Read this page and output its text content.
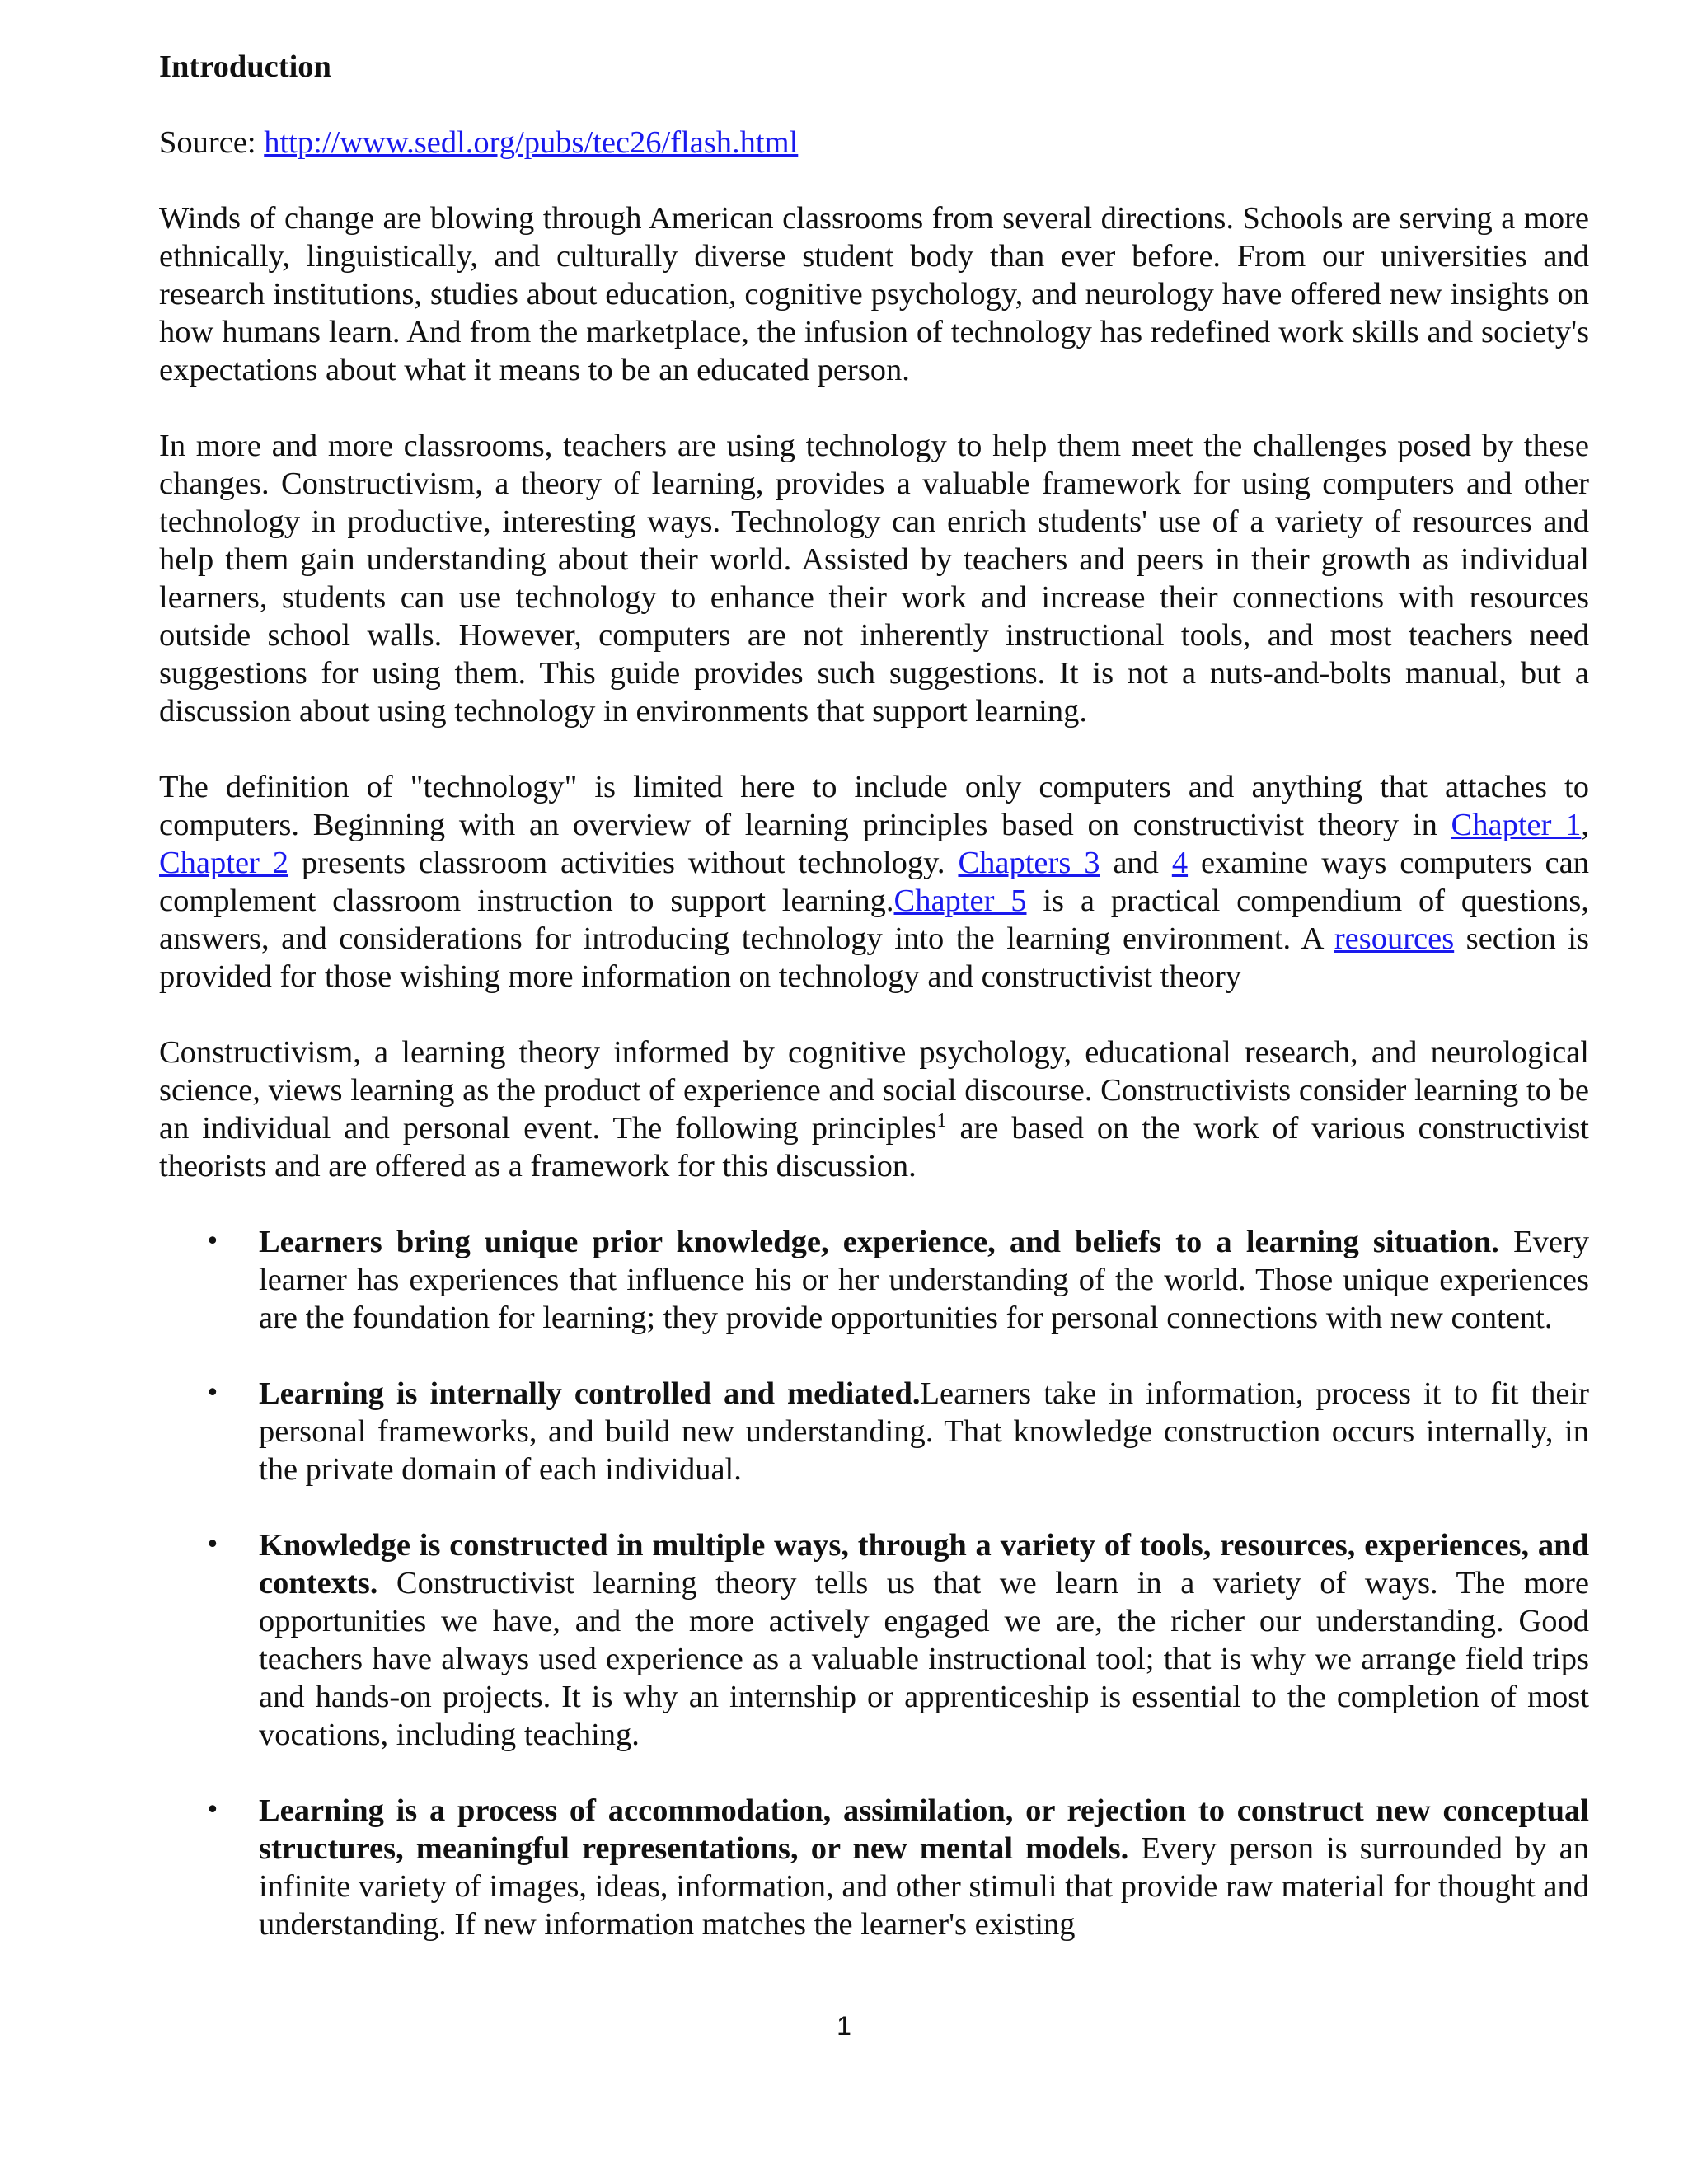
Introduction
Source: http://www.sedl.org/pubs/tec26/flash.html
Winds of change are blowing through American classrooms from several directions. Schools are serving a more ethnically, linguistically, and culturally diverse student body than ever before. From our universities and research institutions, studies about education, cognitive psychology, and neurology have offered new insights on how humans learn. And from the marketplace, the infusion of technology has redefined work skills and society's expectations about what it means to be an educated person.
In more and more classrooms, teachers are using technology to help them meet the challenges posed by these changes. Constructivism, a theory of learning, provides a valuable framework for using computers and other technology in productive, interesting ways. Technology can enrich students' use of a variety of resources and help them gain understanding about their world. Assisted by teachers and peers in their growth as individual learners, students can use technology to enhance their work and increase their connections with resources outside school walls. However, computers are not inherently instructional tools, and most teachers need suggestions for using them. This guide provides such suggestions. It is not a nuts-and-bolts manual, but a discussion about using technology in environments that support learning.
The definition of "technology" is limited here to include only computers and anything that attaches to computers. Beginning with an overview of learning principles based on constructivist theory in Chapter 1, Chapter 2 presents classroom activities without technology. Chapters 3 and 4 examine ways computers can complement classroom instruction to support learning.Chapter 5 is a practical compendium of questions, answers, and considerations for introducing technology into the learning environment. A resources section is provided for those wishing more information on technology and constructivist theory
Constructivism, a learning theory informed by cognitive psychology, educational research, and neurological science, views learning as the product of experience and social discourse. Constructivists consider learning to be an individual and personal event. The following principles$^1$ are based on the work of various constructivist theorists and are offered as a framework for this discussion.
• Learners bring unique prior knowledge, experience, and beliefs to a learning situation. Every learner has experiences that influence his or her understanding of the world. Those unique experiences are the foundation for learning; they provide opportunities for personal connections with new content.
• Learning is internally controlled and mediated.Learners take in information, process it to fit their personal frameworks, and build new understanding. That knowledge construction occurs internally, in the private domain of each individual.
• Knowledge is constructed in multiple ways, through a variety of tools, resources, experiences, and contexts. Constructivist learning theory tells us that we learn in a variety of ways. The more opportunities we have, and the more actively engaged we are, the richer our understanding. Good teachers have always used experience as a valuable instructional tool; that is why we arrange field trips and hands-on projects. It is why an internship or apprenticeship is essential to the completion of most vocations, including teaching.
• Learning is a process of accommodation, assimilation, or rejection to construct new conceptual structures, meaningful representations, or new mental models. Every person is surrounded by an infinite variety of images, ideas, information, and other stimuli that provide raw material for thought and understanding. If new information matches the learner's existing
1
